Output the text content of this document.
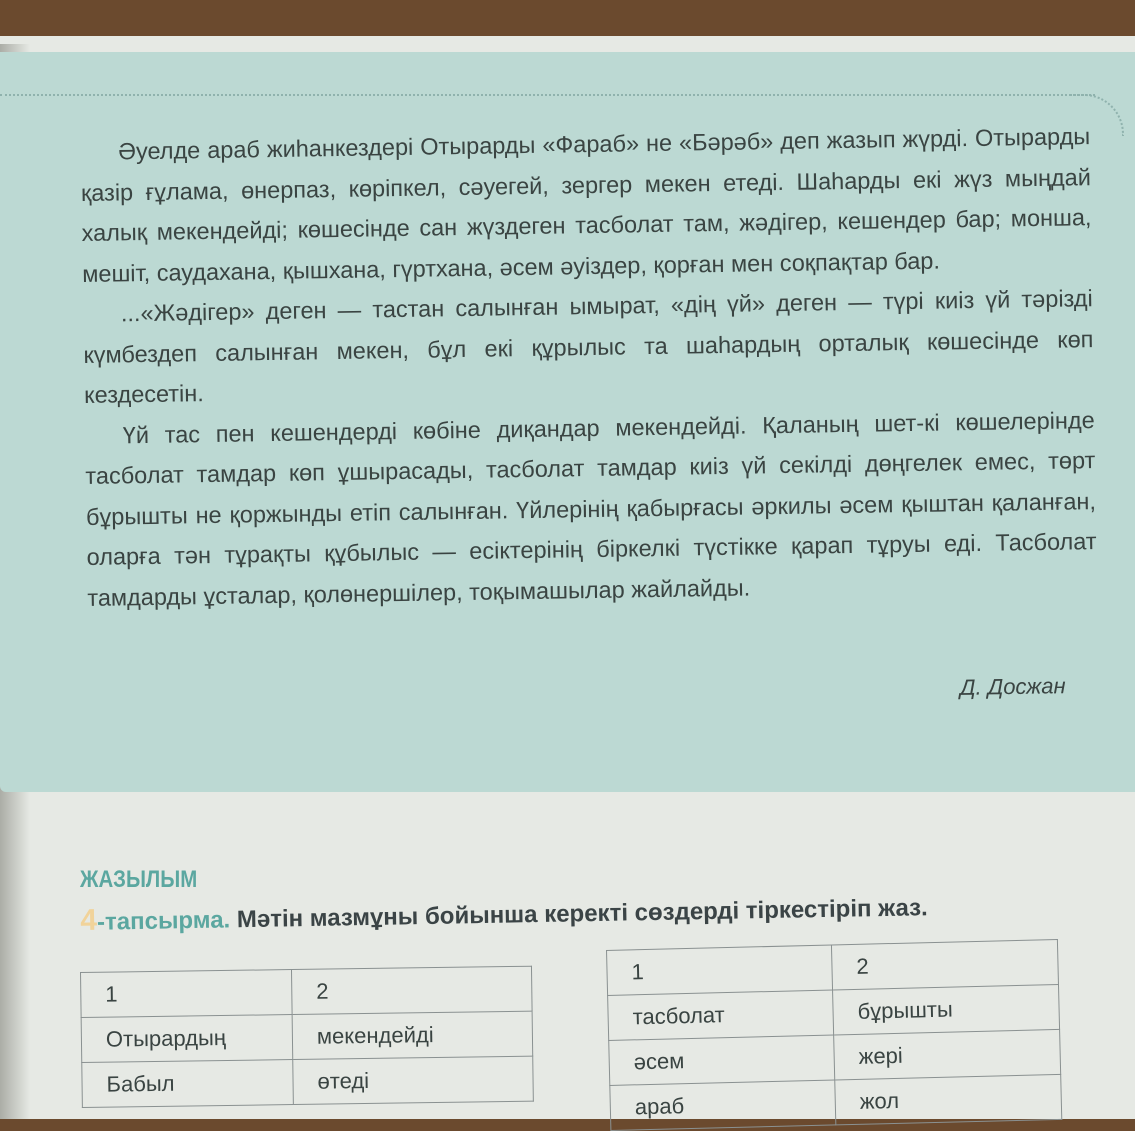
Әуелде араб жиһанкездері Отырарды «Фараб» не «Бәрәб» деп жазып жүрді. Отырарды қазір ғұлама, өнерпаз, көріпкел, сәуегей, зергер мекен етеді. Шаһарды екі жүз мыңдай халық мекендейді; көшесінде сан жүздеген тасболат там, жәдігер, кешендер бар; монша, мешіт, саудахана, қышхана, гүртхана, әсем әуіздер, қорған мен соқпақтар бар.

...«Жәдігер» деген — тастан салынған ымырат, «дің үй» деген — түрі киіз үй тәрізді күмбездеп салынған мекен, бұл екі құрылыс та шаһардың орталық көшесінде көп кездесетін.

Үй тас пен кешендерді көбіне диқандар мекендейді. Қаланың шет-кі көшелерінде тасболат тамдар көп ұшырасады, тасболат тамдар киіз үй секілді дөңгелек емес, төрт бұрышты не қоржынды етіп салынған. Үйлерінің қабырғасы әркилы әсем қыштан қаланған, оларға тән тұрақты құбылыс — есіктерінің біркелкі түстікке қарап тұруы еді. Тасболат тамдарды ұсталар, қолөнершілер, тоқымашылар жайлайды.

Д. Досжан
ЖАЗЫЛЫМ
4-тапсырма. Мәтін мазмұны бойынша керекті сөздерді тіркестіріп жаз.
1	2
Отырардың	мекендейді
Бабыл	өтеді
1	2
тасболат	бұрышты
әсем	жері
араб	жол
